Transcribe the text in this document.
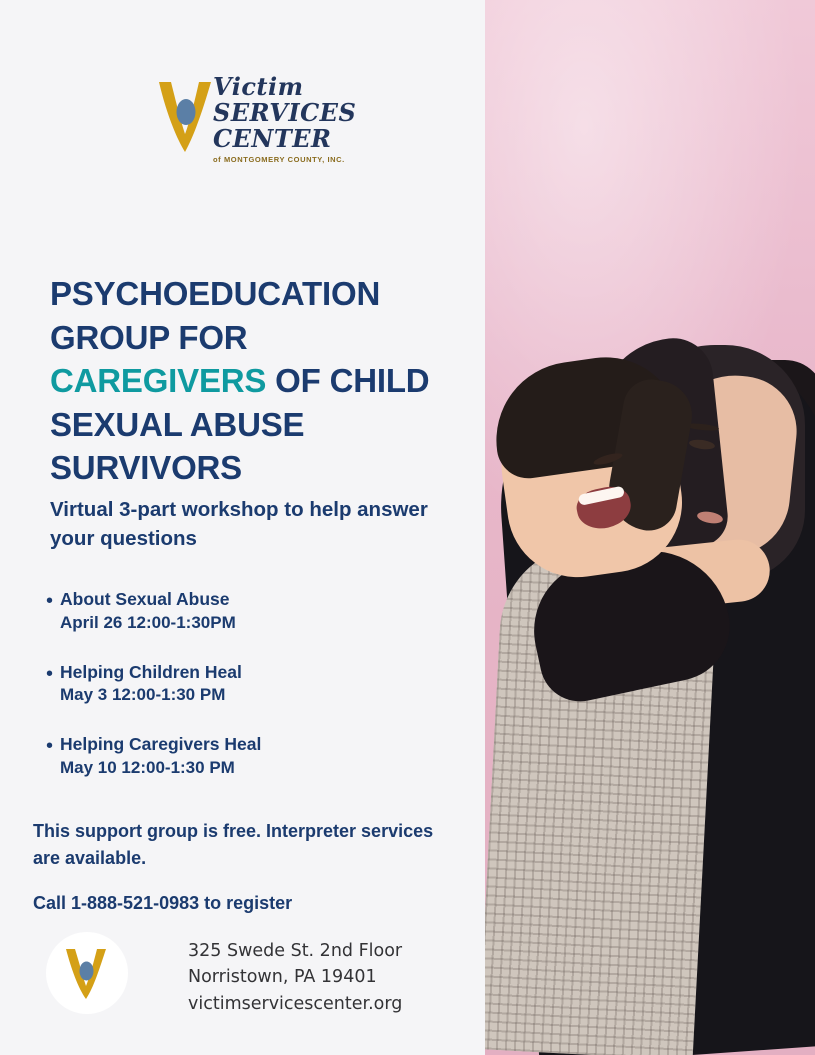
Victim
SERVICES
CENTER
of MONTGOMERY COUNTY, INC.
PSYCHOEDUCATION
GROUP FOR
CAREGIVERS OF CHILD
SEXUAL ABUSE
SURVIVORS
Virtual 3-part workshop to help answer your questions
• About Sexual Abuse
April 26 12:00-1:30PM
• Helping Children Heal
May 3 12:00-1:30 PM
• Helping Caregivers Heal
May 10 12:00-1:30 PM
This support group is free. Interpreter services are available.
Call 1-888-521-0983 to register
325 Swede St. 2nd Floor
Norristown, PA 19401
victimservicescenter.org
